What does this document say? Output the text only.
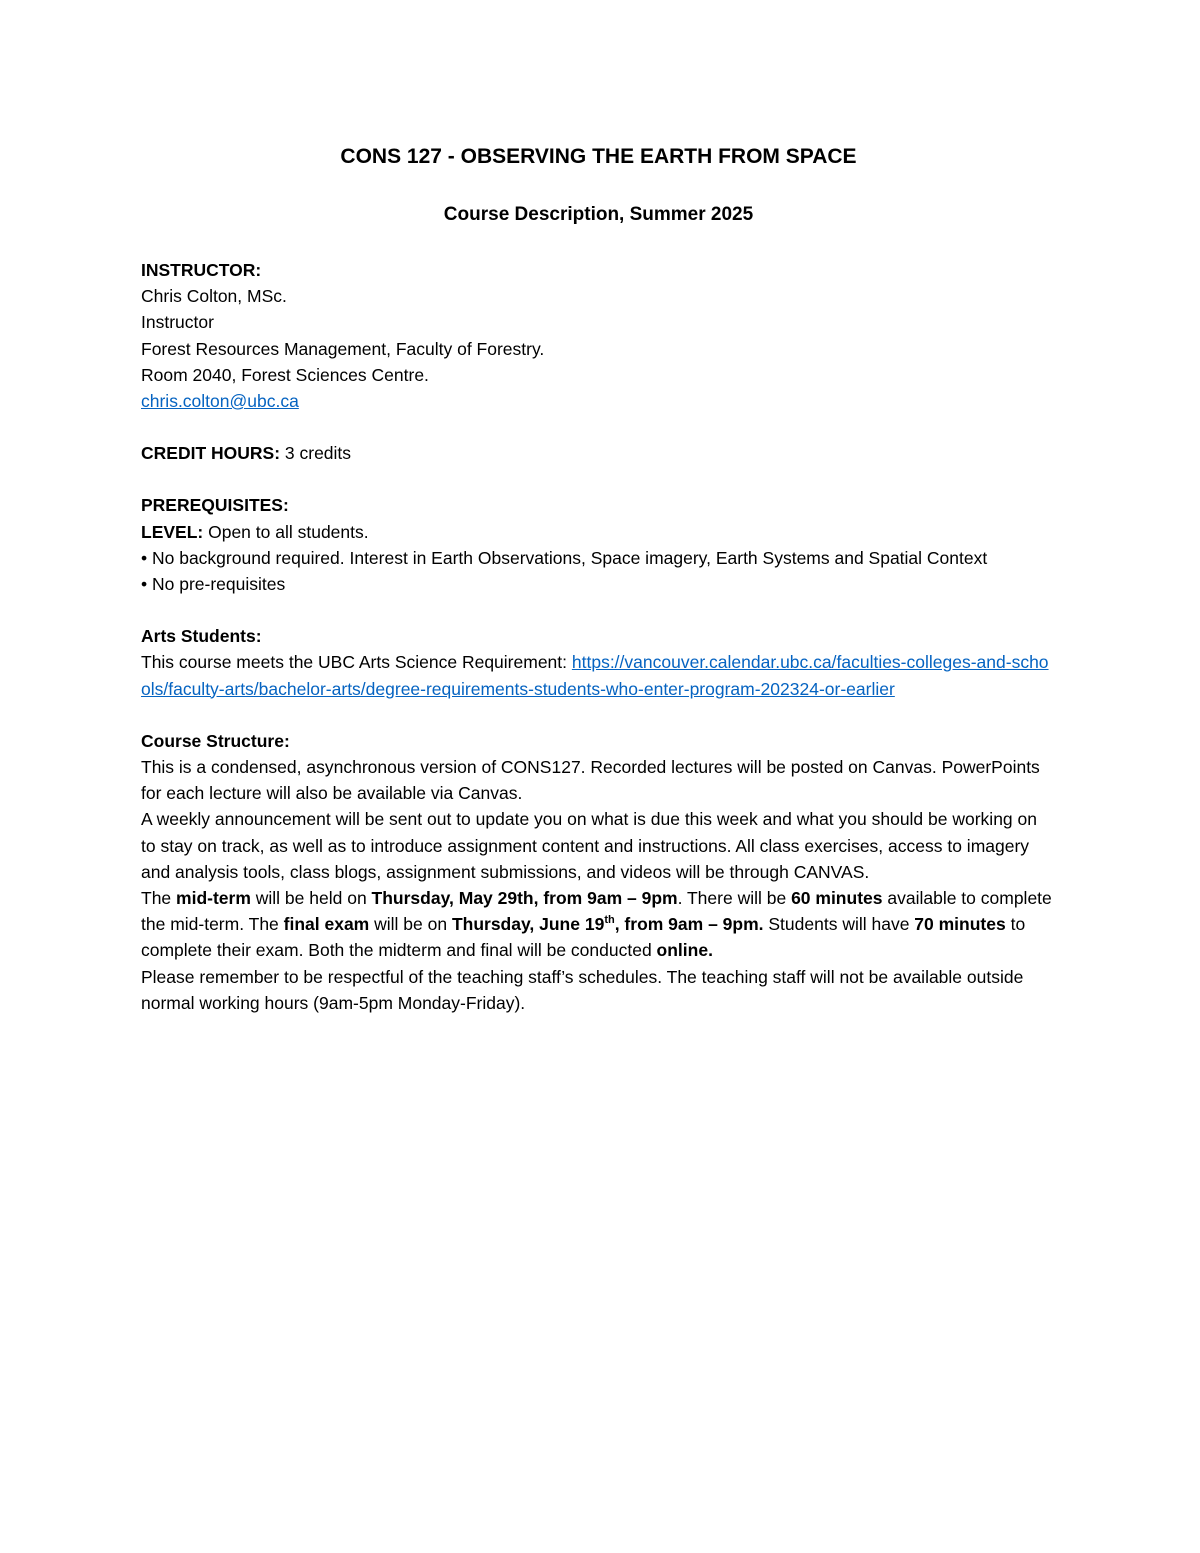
CONS 127 - OBSERVING THE EARTH FROM SPACE

Course Description, Summer 2025

INSTRUCTOR:
Chris Colton, MSc.
Instructor
Forest Resources Management, Faculty of Forestry.
Room 2040, Forest Sciences Centre.
chris.colton@ubc.ca
CREDIT HOURS: 3 credits
PREREQUISITES:
LEVEL: Open to all students.
• No background required. Interest in Earth Observations, Space imagery, Earth Systems and Spatial Context
• No pre-requisites
Arts Students:
This course meets the UBC Arts Science Requirement: https://vancouver.calendar.ubc.ca/faculties-colleges-and-schools/faculty-arts/bachelor-arts/degree-requirements-students-who-enter-program-202324-or-earlier
Course Structure:
This is a condensed, asynchronous version of CONS127. Recorded lectures will be posted on Canvas. PowerPoints for each lecture will also be available via Canvas.
A weekly announcement will be sent out to update you on what is due this week and what you should be working on to stay on track, as well as to introduce assignment content and instructions. All class exercises, access to imagery and analysis tools, class blogs, assignment submissions, and videos will be through CANVAS.
The mid-term will be held on Thursday, May 29th, from 9am – 9pm. There will be 60 minutes available to complete the mid-term. The final exam will be on Thursday, June 19th, from 9am – 9pm. Students will have 70 minutes to complete their exam. Both the midterm and final will be conducted online.
Please remember to be respectful of the teaching staff’s schedules. The teaching staff will not be available outside normal working hours (9am-5pm Monday-Friday).
